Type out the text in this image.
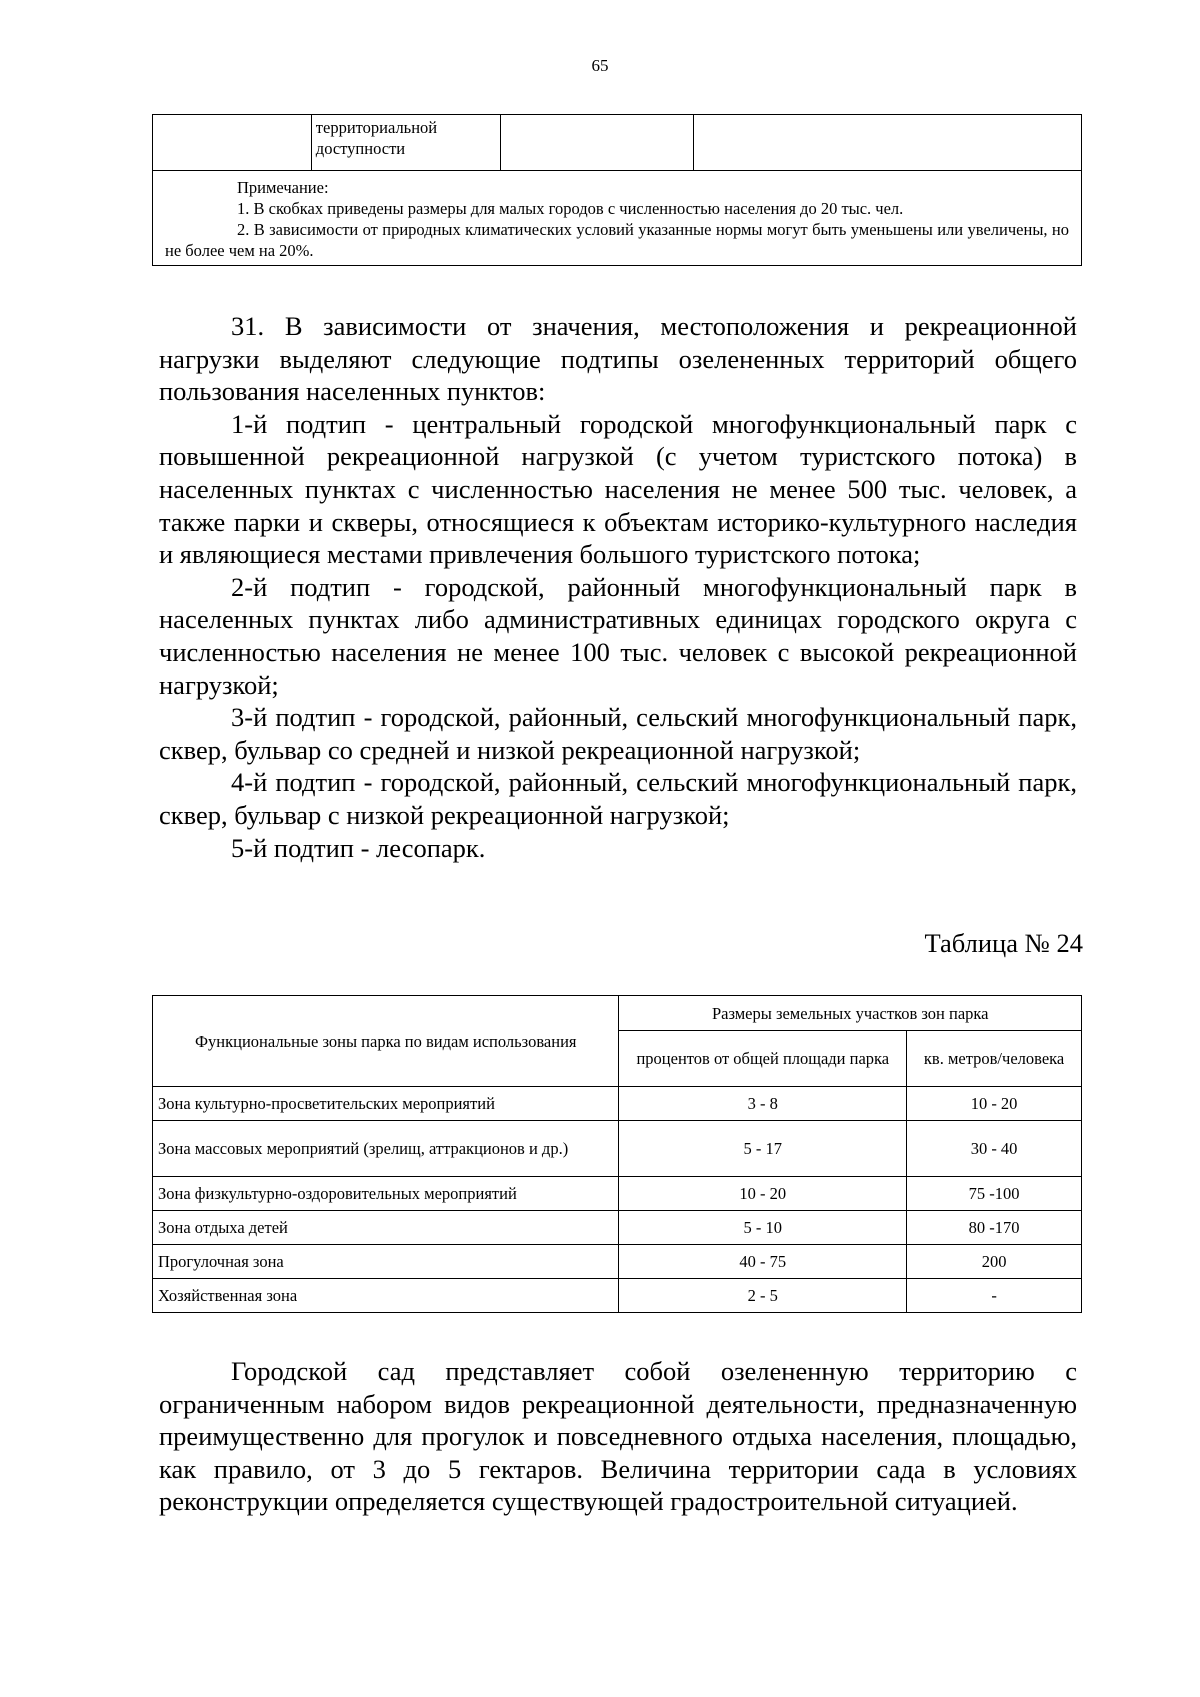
65
	территориальной доступности		

Примечание:
1. В скобках приведены размеры для малых городов с численностью населения до 20 тыс. чел.
2. В зависимости от природных климатических условий указанные нормы могут быть уменьшены или увеличены, но не более чем на 20%.

31. В зависимости от значения, местоположения и рекреационной нагрузки выделяют следующие подтипы озелененных территорий общего пользования населенных пунктов:

1-й подтип - центральный городской многофункциональный парк с повышенной рекреационной нагрузкой (с учетом туристского потока) в населенных пунктах с численностью населения не менее 500 тыс. человек, а также парки и скверы, относящиеся к объектам историко-культурного наследия и являющиеся местами привлечения большого туристского потока;

2-й подтип - городской, районный многофункциональный парк в населенных пунктах либо административных единицах городского округа с численностью населения не менее 100 тыс. человек с высокой рекреационной нагрузкой;

3-й подтип - городской, районный, сельский многофункциональный парк, сквер, бульвар со средней и низкой рекреационной нагрузкой;

4-й подтип - городской, районный, сельский многофункциональный парк, сквер, бульвар с низкой рекреационной нагрузкой;

5-й подтип - лесопарк.

Таблица № 24
Функциональные зоны парка по видам использования	Размеры земельных участков зон парка	
	процентов от общей площади парка	кв. метров/человека
Зона культурно-просветительских мероприятий	3 - 8	10 - 20
Зона массовых мероприятий (зрелищ, аттракционов и др.)	5 - 17	30 - 40
Зона физкультурно-оздоровительных мероприятий	10 - 20	75 -100
Зона отдыха детей	5 - 10	80 -170
Прогулочная зона	40 - 75	200
Хозяйственная зона	2 - 5	-

Городской сад представляет собой озелененную территорию с ограниченным набором видов рекреационной деятельности, предназначенную преимущественно для прогулок и повседневного отдыха населения, площадью, как правило, от 3 до 5 гектаров. Величина территории сада в условиях реконструкции определяется существующей градостроительной ситуацией.
